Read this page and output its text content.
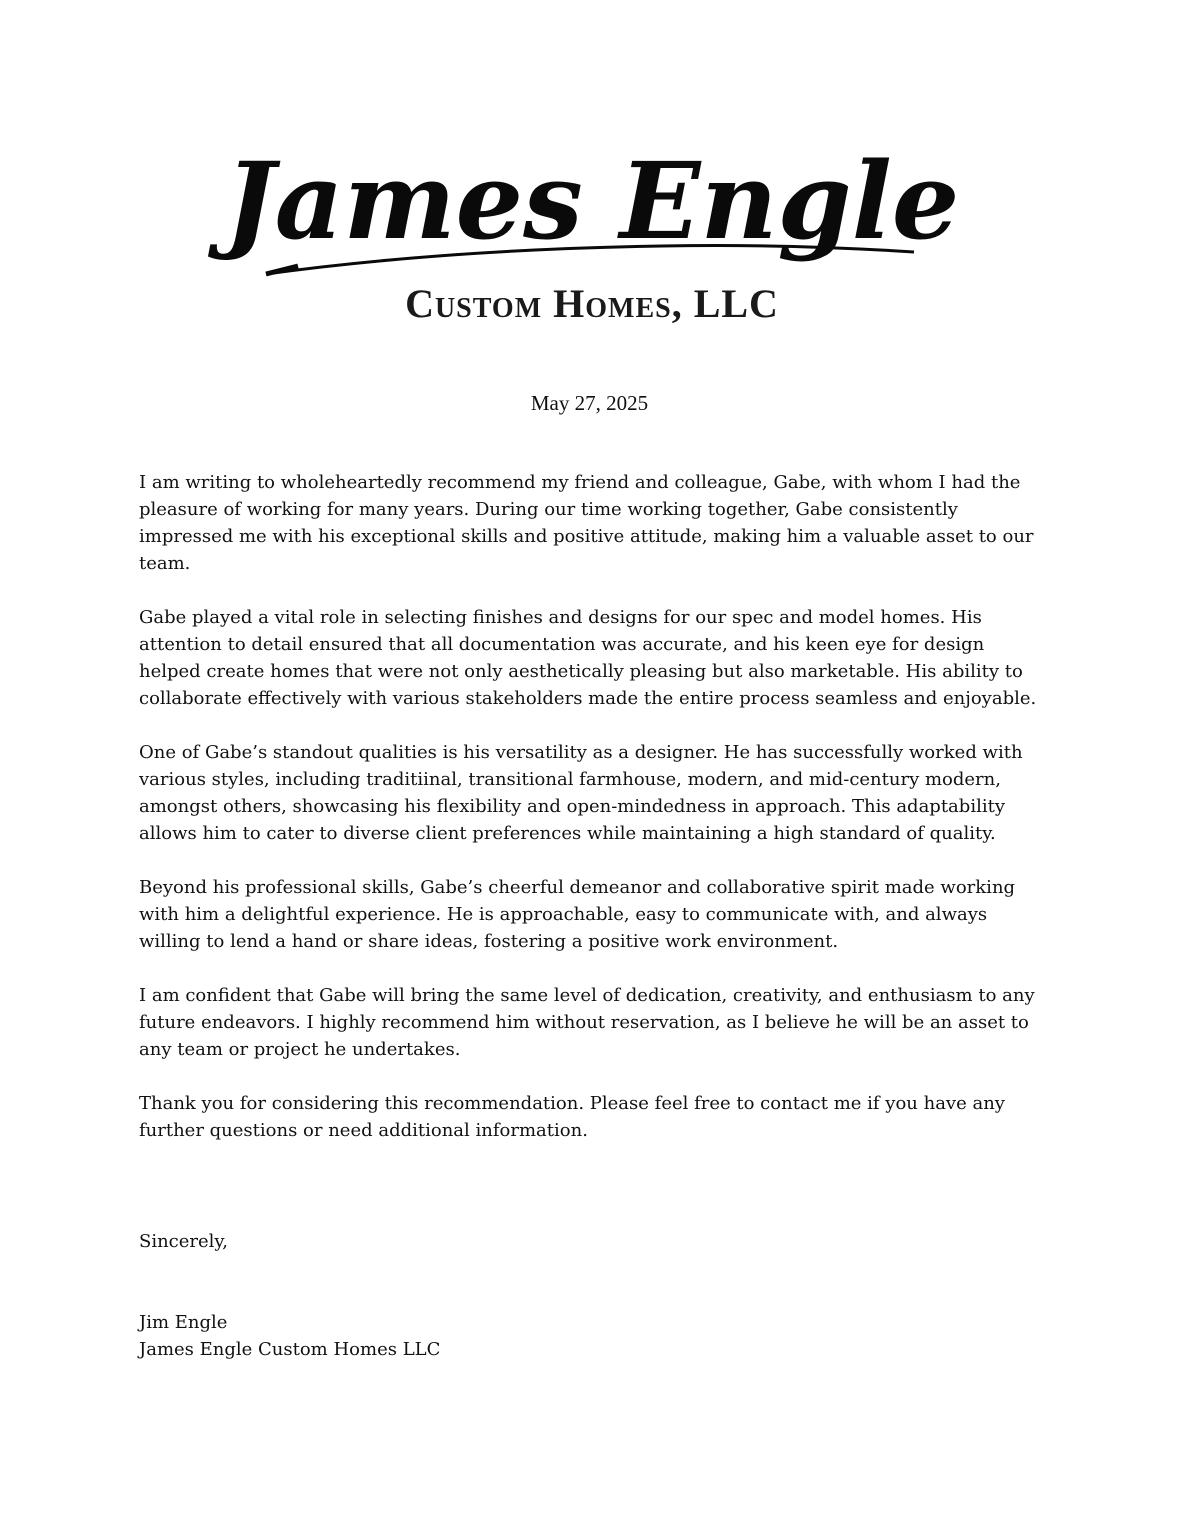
James Engle
Custom Homes, LLC
May 27, 2025

I am writing to wholeheartedly recommend my friend and colleague, Gabe, with whom I had the pleasure of working for many years. During our time working together, Gabe consistently impressed me with his exceptional skills and positive attitude, making him a valuable asset to our team.

Gabe played a vital role in selecting finishes and designs for our spec and model homes. His attention to detail ensured that all documentation was accurate, and his keen eye for design helped create homes that were not only aesthetically pleasing but also marketable. His ability to collaborate effectively with various stakeholders made the entire process seamless and enjoyable.

One of Gabe’s standout qualities is his versatility as a designer. He has successfully worked with various styles, including traditiinal, transitional farmhouse, modern, and mid-century modern, amongst others, showcasing his flexibility and open-mindedness in approach. This adaptability allows him to cater to diverse client preferences while maintaining a high standard of quality.

Beyond his professional skills, Gabe’s cheerful demeanor and collaborative spirit made working with him a delightful experience. He is approachable, easy to communicate with, and always willing to lend a hand or share ideas, fostering a positive work environment.

I am confident that Gabe will bring the same level of dedication, creativity, and enthusiasm to any future endeavors. I highly recommend him without reservation, as I believe he will be an asset to any team or project he undertakes.

Thank you for considering this recommendation. Please feel free to contact me if you have any further questions or need additional information.

Sincerely,
Jim Engle
James Engle Custom Homes LLC
